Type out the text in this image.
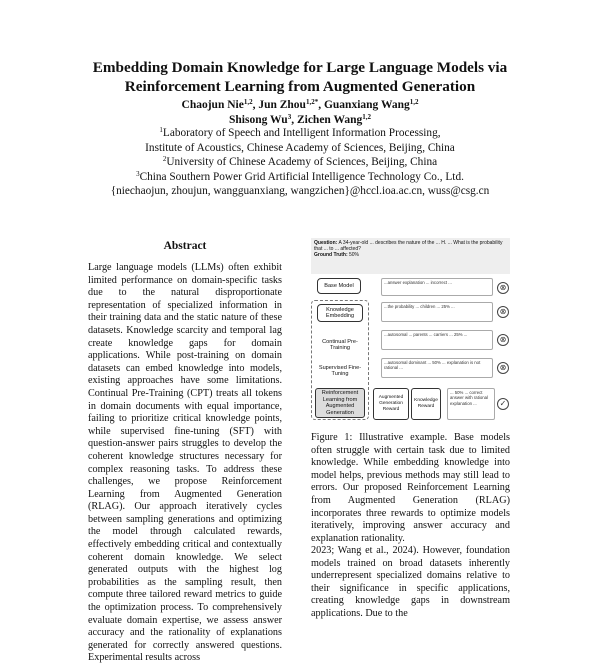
Embedding Domain Knowledge for Large Language Models via
Reinforcement Learning from Augmented Generation
Chaojun Nie$^{1,2}$, Jun Zhou$^{1,2*}$, Guanxiang Wang$^{1,2}$
Shisong Wu$^3$, Zichen Wang$^{1,2}$
$^1$Laboratory of Speech and Intelligent Information Processing,
Institute of Acoustics, Chinese Academy of Sciences, Beijing, China
$^2$University of Chinese Academy of Sciences, Beijing, China
$^3$China Southern Power Grid Artificial Intelligence Technology Co., Ltd.
{niechaojun, zhoujun, wangguanxiang, wangzichen}@hccl.ioa.ac.cn, wuss@csg.cn
Abstract
Large language models (LLMs) often exhibit limited performance on domain-specific tasks due to the natural disproportionate representation of specialized information in their training data and the static nature of these datasets. Knowledge scarcity and temporal lag create knowledge gaps for domain applications. While post-training on domain datasets can embed knowledge into models, existing approaches have some limitations. Continual Pre-Training (CPT) treats all tokens in domain documents with equal importance, failing to prioritize critical knowledge points, while supervised fine-tuning (SFT) with question-answer pairs struggles to develop the coherent knowledge structures necessary for complex reasoning tasks. To address these challenges, we propose Reinforcement Learning from Augmented Generation (RLAG). Our approach iteratively cycles between sampling generations and optimizing the model through calculated rewards, effectively embedding critical and contextually coherent domain knowledge. We select generated outputs with the highest log probabilities as the sampling result, then compute three tailored reward metrics to guide the optimization process. To comprehensively evaluate domain expertise, we assess answer accuracy and the rationality of explanations generated for correctly answered questions. Experimental results across
Question: A 34-year-old ... describes the nature of the ... H. ... What is the probability that ... to ... affected?
Ground Truth: 50%
Base Model
Knowledge Embedding
Continual Pre-Training
Supervised Fine-Tuning
Reinforcement Learning from Augmented Generation
...answer explanation ... incorrect ...
...the probability ... children ... 25% ...
...autosomal ... parents ... carriers ... 25% ...
...autosomal dominant ... 50% ... explanation is not rational ...
Augmented Generation Reward
Knowledge Reward
... 50% ... correct answer with rational explanation ...
⊗
⊗
⊗
⊗
✓
Figure 1: Illustrative example. Base models often struggle with certain task due to limited knowledge. While embedding knowledge into model helps, previous methods may still lead to errors. Our proposed Reinforcement Learning from Augmented Generation (RLAG) incorporates three rewards to optimize models iteratively, improving answer accuracy and explanation rationality.
2023; Wang et al., 2024). However, foundation models trained on broad datasets inherently underrepresent specialized domains relative to their significance in specific applications, creating knowledge gaps in downstream applications. Due to the
